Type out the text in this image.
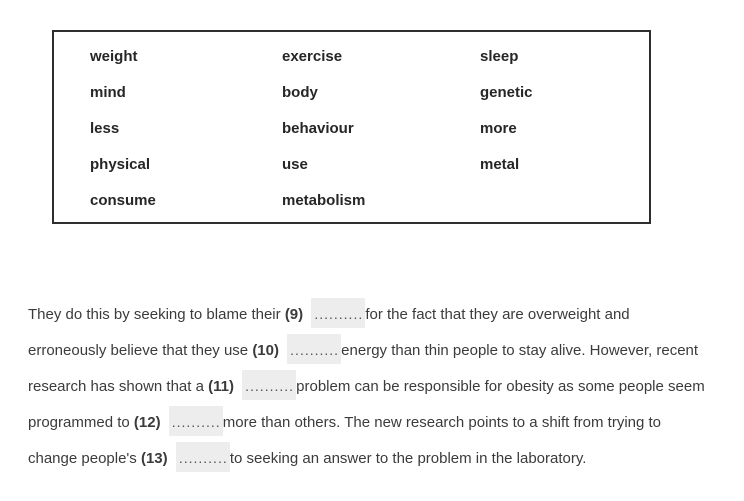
weight	exercise	sleep
mind	body	genetic
less	behaviour	more
physical	use	metal
consume	metabolism

They do this by seeking to blame their (9) .......... for the fact that they are overweight and erroneously believe that they use (10) .......... energy than thin people to stay alive. However, recent research has shown that a (11) .......... problem can be responsible for obesity as some people seem programmed to (12) .......... more than others. The new research points to a shift from trying to change people's (13) .......... to seeking an answer to the problem in the laboratory.
